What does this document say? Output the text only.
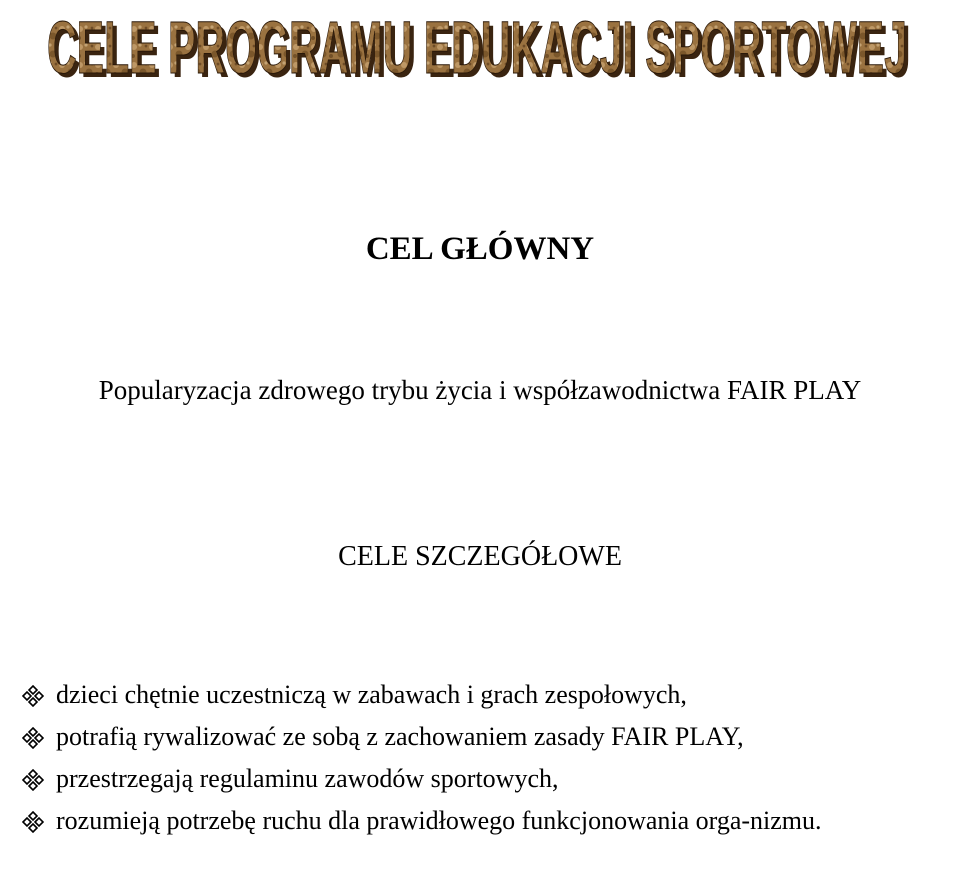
CELE PROGRAMU EDUKACJI SPORTOWEJ
CELE PROGRAMU EDUKACJI SPORTOWEJ
CEL GŁÓWNY
Popularyzacja zdrowego trybu życia i współzawodnictwa FAIR PLAY
CELE SZCZEGÓŁOWE
dzieci chętnie uczestniczą w zabawach i grach zespołowych,
potrafią rywalizować ze sobą z zachowaniem zasady FAIR PLAY,
przestrzegają regulaminu zawodów sportowych,
rozumieją potrzebę ruchu dla prawidłowego funkcjonowania orga-nizmu.
